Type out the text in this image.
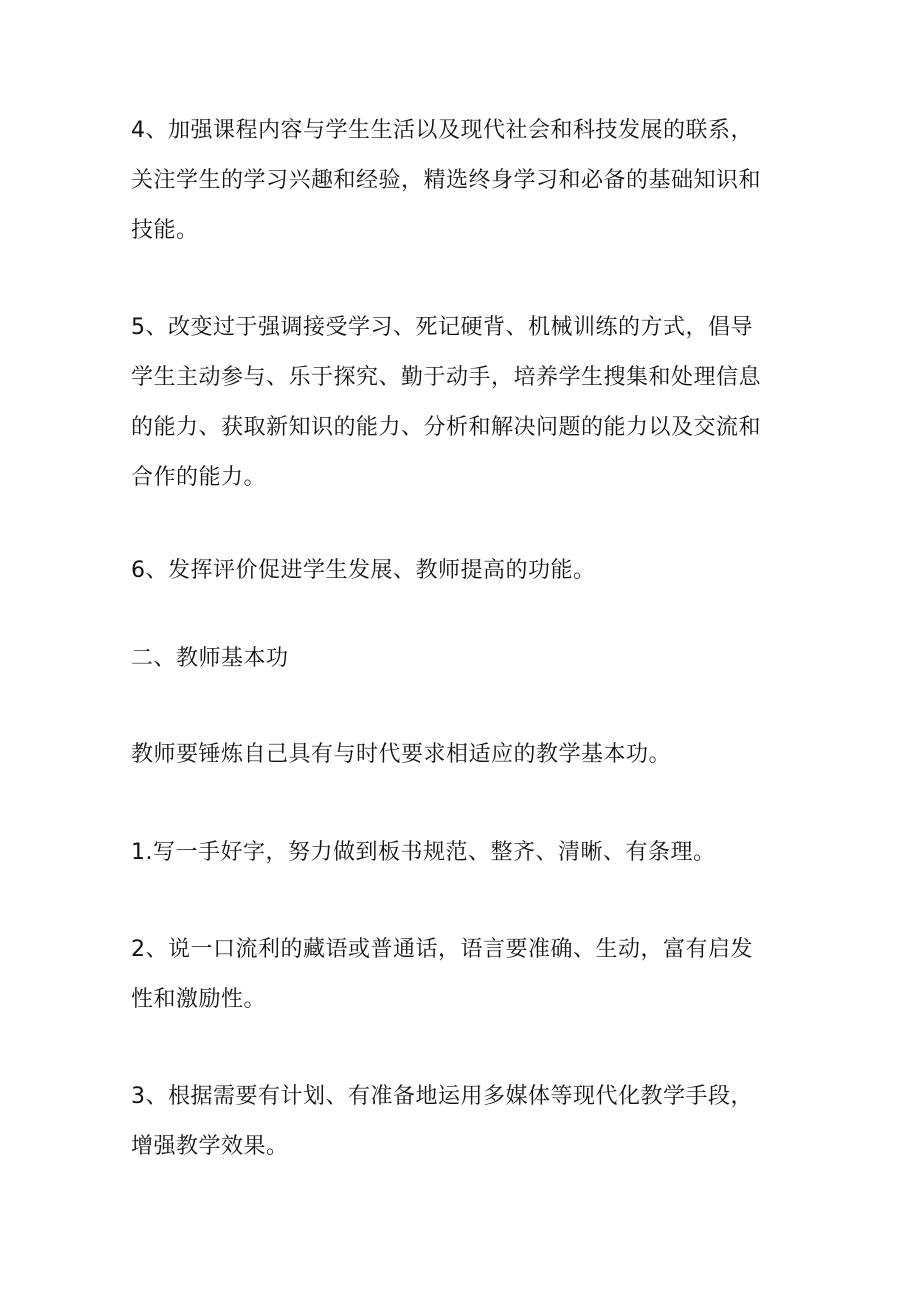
4、加强课程内容与学生生活以及现代社会和科技发展的联系，
关注学生的学习兴趣和经验，精选终身学习和必备的基础知识和
技能。

5、改变过于强调接受学习、死记硬背、机械训练的方式，倡导
学生主动参与、乐于探究、勤于动手，培养学生搜集和处理信息
的能力、获取新知识的能力、分析和解决问题的能力以及交流和
合作的能力。

6、发挥评价促进学生发展、教师提高的功能。

二、教师基本功

教师要锤炼自己具有与时代要求相适应的教学基本功。

1.写一手好字，努力做到板书规范、整齐、清晰、有条理。

2、说一口流利的藏语或普通话，语言要准确、生动，富有启发
性和激励性。

3、根据需要有计划、有准备地运用多媒体等现代化教学手段，
增强教学效果。
